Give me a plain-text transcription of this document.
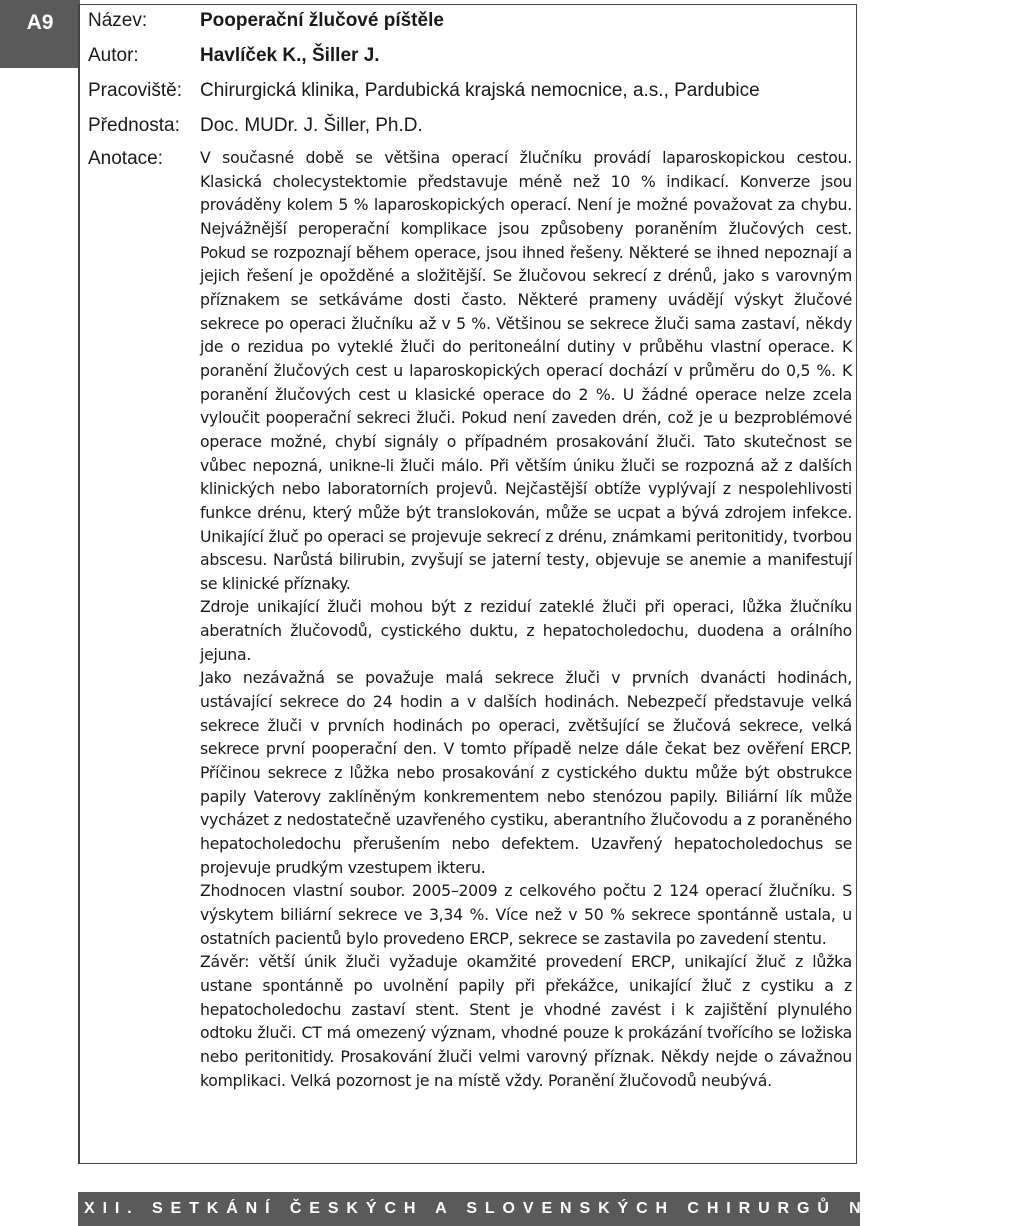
A9	Název:	Pooperační žlučové píštěle
Autor:	Havlíček K., Šiller J.
Pracoviště: Chirurgická klinika, Pardubická krajská nemocnice, a.s., Pardubice
Přednosta:	Doc. MUDr. J. Šiller, Ph.D.
Anotace: V současné době se většina operací žlučníku provádí laparoskopickou cestou. Klasická cholecystektomie představuje méně než 10 % indikací. Konverze jsou prováděny kolem 5 % laparoskopických operací. Není je možné považovat za chybu. Nejvážnější peroperační komplikace jsou způsobeny poraněním žlučových cest. Pokud se rozpoznají během operace, jsou ihned řešeny. Některé se ihned nepoznají a jejich řešení je opožděné a složitější. Se žlučovou sekrecí z drénů, jako s varovným příznakem se setkáváme dosti často. Některé prameny uvádějí výskyt žlučové sekrece po operaci žlučníku až v 5 %. Většinou se sekrece žluči sama zastaví, někdy jde o rezidua po vyteklé žluči do peritoneální dutiny v průběhu vlastní operace. K poranění žlučových cest u laparoskopických operací dochází v průměru do 0,5 %. K poranění žlučových cest u klasické operace do 2 %. U žádné operace nelze zcela vyloučit pooperační sekreci žluči. Pokud není zaveden drén, což je u bezproblémové operace možné, chybí signály o případném prosakování žluči. Tato skutečnost se vůbec nepozná, unikne-li žluči málo. Při větším úniku žluči se rozpozná až z dalších klinických nebo laboratorních projevů. Nejčastější obtíže vyplývají z nespolehlivosti funkce drénu, který může být translokován, může se ucpat a bývá zdrojem infekce. Unikající žluč po operaci se projevuje sekrecí z drénu, známkami peritonitidy, tvorbou abscesu. Narůstá bilirubin, zvyšují se jaterní testy, objevuje se anemie a manifestují se klinické příznaky.

Zdroje unikající žluči mohou být z reziduí zateklé žluči při operaci, lůžka žlučníku aberatních žlučovodů, cystického duktu, z hepatocholedochu, duodena a orálního jejuna.

Jako nezávažná se považuje malá sekrece žluči v prvních dvanácti hodinách, ustávající sekrece do 24 hodin a v dalších hodinách. Nebezpečí představuje velká sekrece žluči v prvních hodinách po operaci, zvětšující se žlučová sekrece, velká sekrece první pooperační den. V tomto případě nelze dále čekat bez ověření ERCP. Příčinou sekrece z lůžka nebo prosakování z cystického duktu může být obstrukce papily Vaterovy zaklíněným konkrementem nebo stenózou papily. Biliární lík může vycházet z nedostatečně uzavřeného cystiku, aberantního žlučovodu a z poraněného hepatocholedochu přerušením nebo defektem. Uzavřený hepatocholedochus se projevuje prudkým vzestupem ikteru.

Zhodnocen vlastní soubor. 2005–2009 z celkového počtu 2 124 operací žlučníku. S výskytem biliární sekrece ve 3,34 %. Více než v 50 % sekrece spontánně ustala, u ostatních pacientů bylo provedeno ERCP, sekrece se zastavila po zavedení stentu.

Závěr: větší únik žluči vyžaduje okamžité provedení ERCP, unikající žluč z lůžka ustane spontánně po uvolnění papily při překážce, unikající žluč z cystiku a z hepatocholedochu zastaví stent. Stent je vhodné zavést i k zajištění plynulého odtoku žluči. CT má omezený význam, vhodné pouze k prokázání tvořícího se ložiska nebo peritonitidy. Prosakování žluči velmi varovný příznak. Někdy nejde o závažnou komplikaci. Velká pozornost je na místě vždy. Poranění žlučovodů neubývá.

XII. SETKÁNÍ ČESKÝCH A SLOVENSKÝCH CHIRURGŮ NA MORAVĚ
